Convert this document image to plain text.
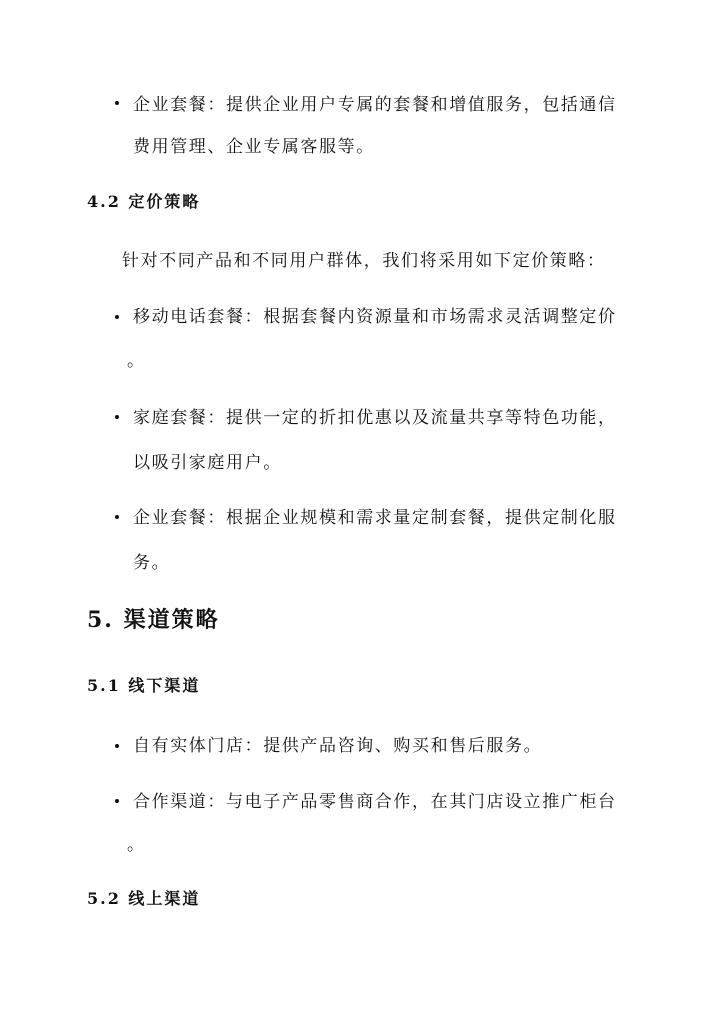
企业套餐：提供企业用户专属的套餐和增值服务，包括通信
费用管理、企业专属客服等。
4.2 定价策略
针对不同产品和不同用户群体，我们将采用如下定价策略：
移动电话套餐：根据套餐内资源量和市场需求灵活调整定价
。
家庭套餐：提供一定的折扣优惠以及流量共享等特色功能，
以吸引家庭用户。
企业套餐：根据企业规模和需求量定制套餐，提供定制化服
务。
5. 渠道策略
5.1 线下渠道
自有实体门店：提供产品咨询、购买和售后服务。
合作渠道：与电子产品零售商合作，在其门店设立推广柜台
。
5.2 线上渠道
